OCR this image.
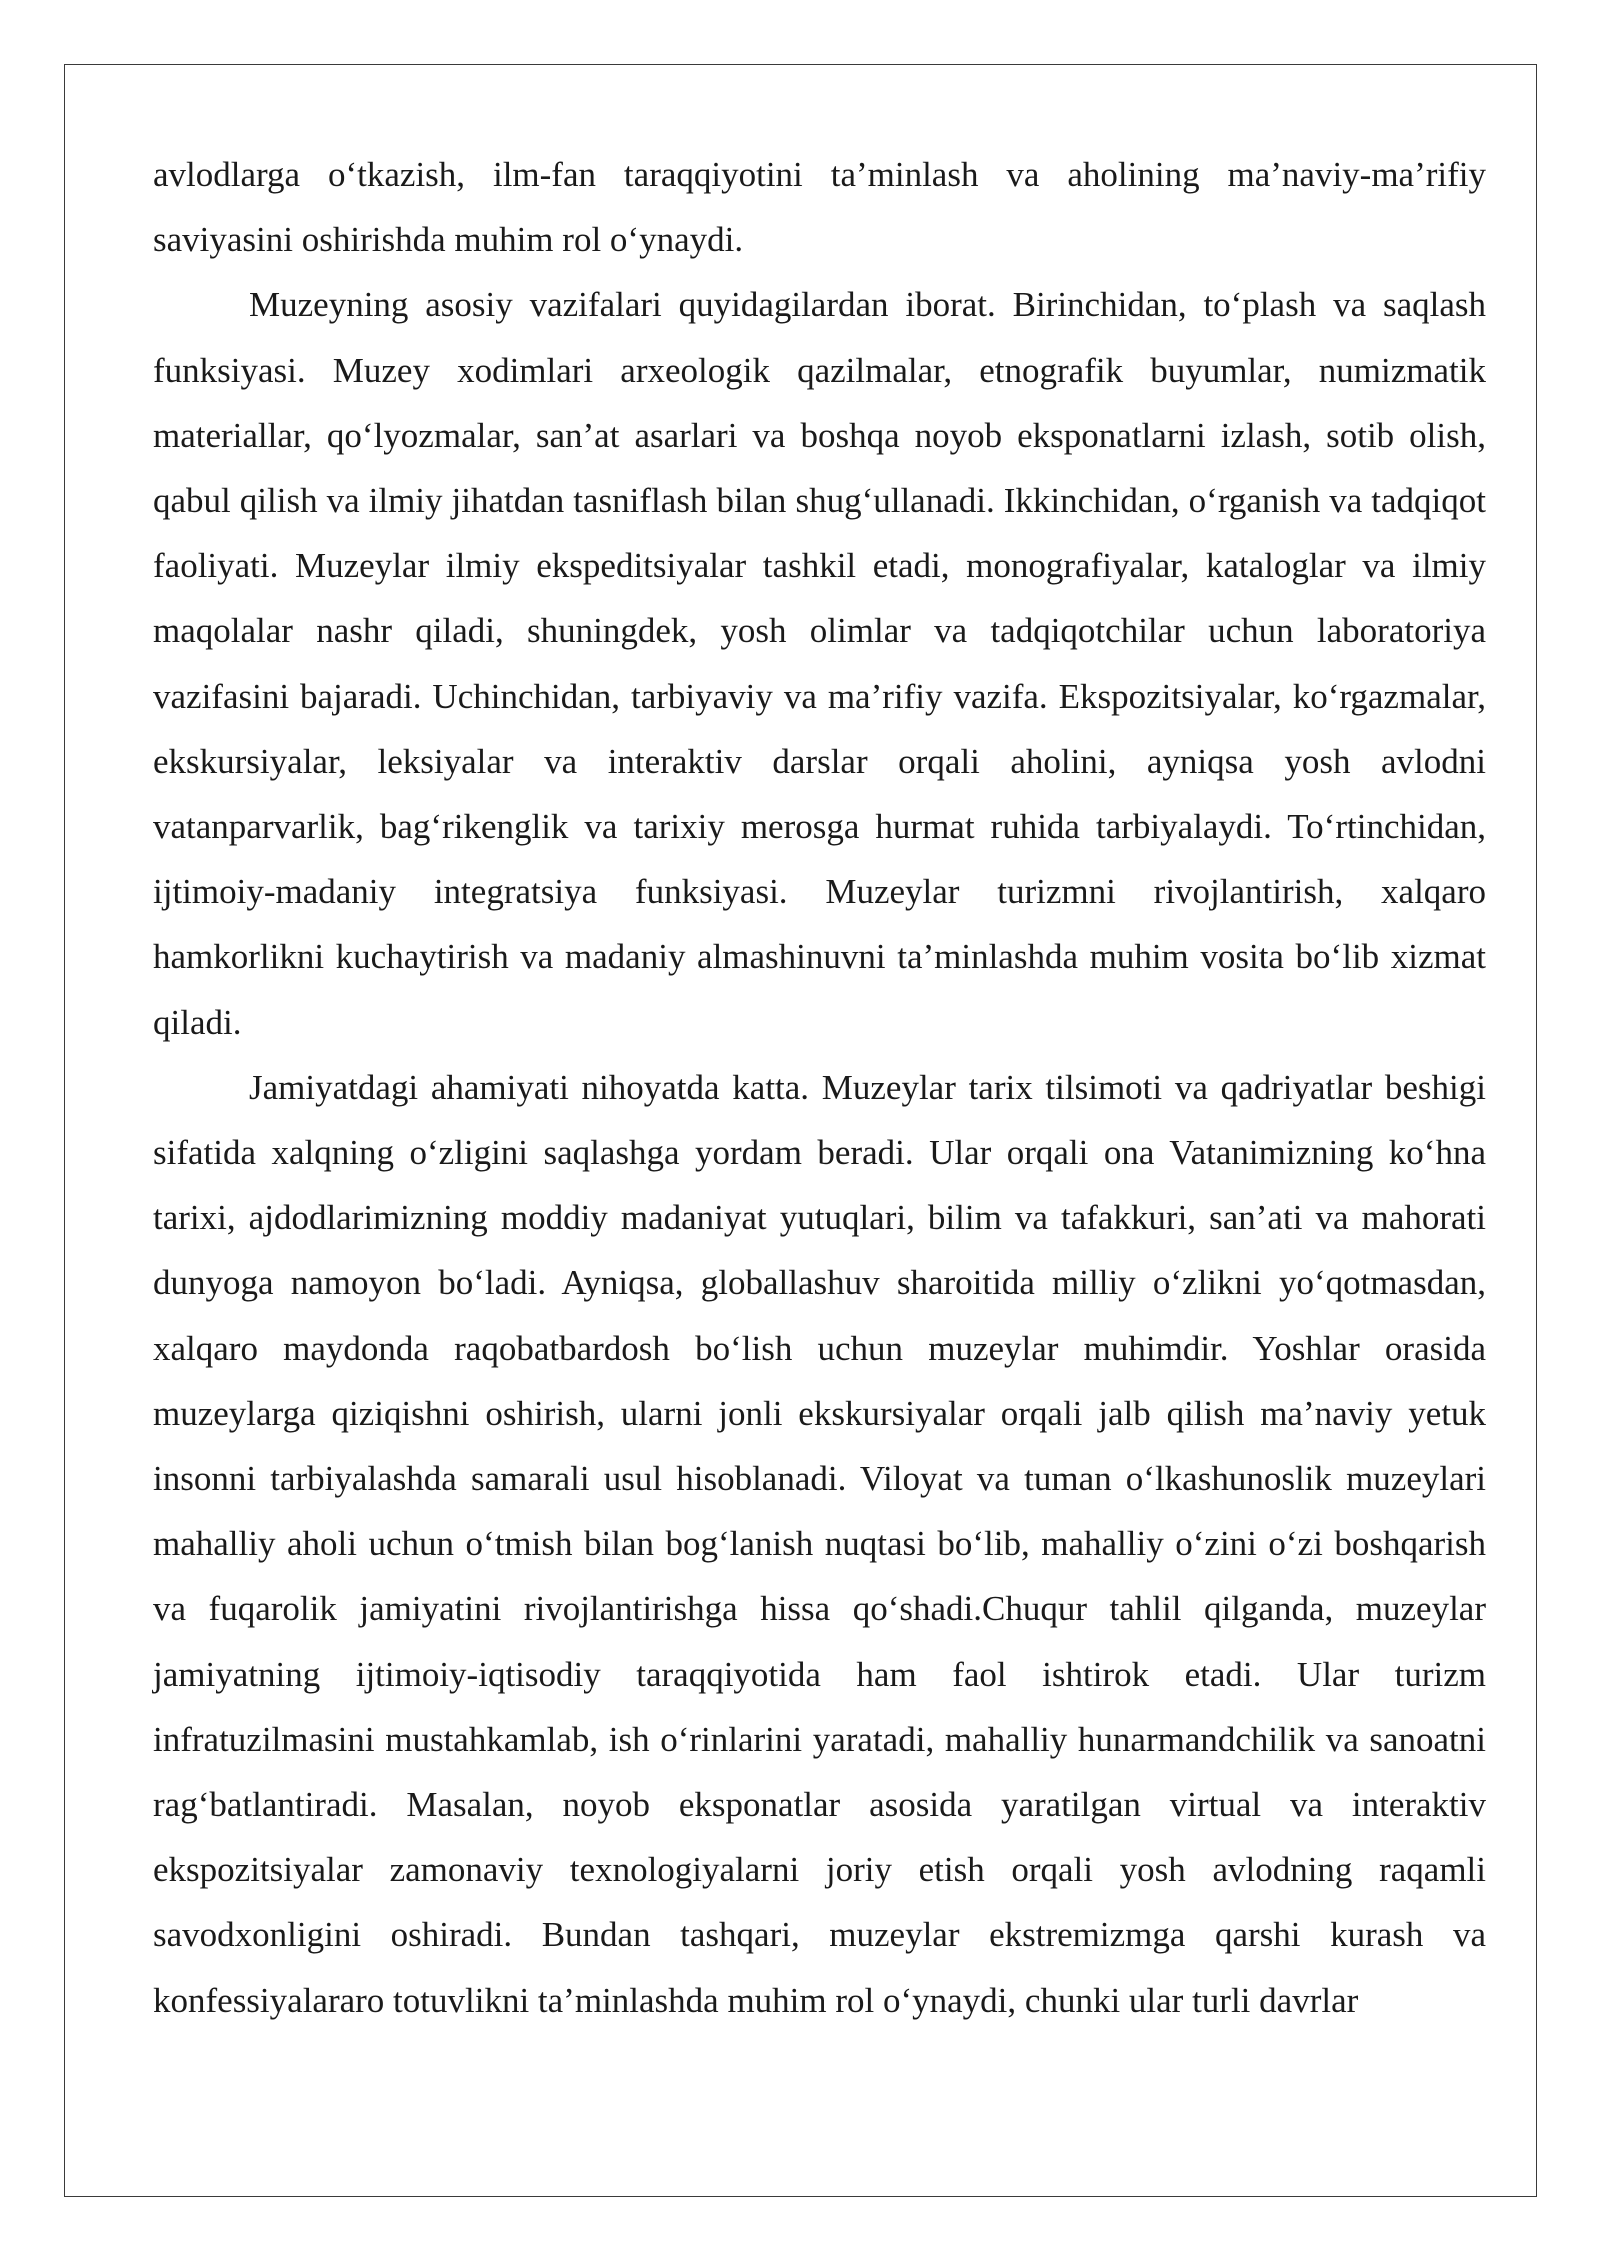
avlodlarga o‘tkazish, ilm-fan taraqqiyotini ta’minlash va aholining ma’naviy-ma’rifiy saviyasini oshirishda muhim rol o‘ynaydi.

Muzeyning asosiy vazifalari quyidagilardan iborat. Birinchidan, to‘plash va saqlash funksiyasi. Muzey xodimlari arxeologik qazilmalar, etnografik buyumlar, numizmatik materiallar, qo‘lyozmalar, san’at asarlari va boshqa noyob eksponatlarni izlash, sotib olish, qabul qilish va ilmiy jihatdan tasniflash bilan shug‘ullanadi. Ikkinchidan, o‘rganish va tadqiqot faoliyati. Muzeylar ilmiy ekspeditsiyalar tashkil etadi, monografiyalar, kataloglar va ilmiy maqolalar nashr qiladi, shuningdek, yosh olimlar va tadqiqotchilar uchun laboratoriya vazifasini bajaradi. Uchinchidan, tarbiyaviy va ma’rifiy vazifa. Ekspozitsiyalar, ko‘rgazmalar, ekskursiyalar, leksiyalar va interaktiv darslar orqali aholini, ayniqsa yosh avlodni vatanparvarlik, bag‘rikenglik va tarixiy merosga hurmat ruhida tarbiyalaydi. To‘rtinchidan, ijtimoiy-madaniy integratsiya funksiyasi. Muzeylar turizmni rivojlantirish, xalqaro hamkorlikni kuchaytirish va madaniy almashinuvni ta’minlashda muhim vosita bo‘lib xizmat qiladi.

Jamiyatdagi ahamiyati nihoyatda katta. Muzeylar tarix tilsimoti va qadriyatlar beshigi sifatida xalqning o‘zligini saqlashga yordam beradi. Ular orqali ona Vatanimizning ko‘hna tarixi, ajdodlarimizning moddiy madaniyat yutuqlari, bilim va tafakkuri, san’ati va mahorati dunyoga namoyon bo‘ladi. Ayniqsa, globallashuv sharoitida milliy o‘zlikni yo‘qotmasdan, xalqaro maydonda raqobatbardosh bo‘lish uchun muzeylar muhimdir. Yoshlar orasida muzeylarga qiziqishni oshirish, ularni jonli ekskursiyalar orqali jalb qilish ma’naviy yetuk insonni tarbiyalashda samarali usul hisoblanadi. Viloyat va tuman o‘lkashunoslik muzeylari mahalliy aholi uchun o‘tmish bilan bog‘lanish nuqtasi bo‘lib, mahalliy o‘zini o‘zi boshqarish va fuqarolik jamiyatini rivojlantirishga hissa qo‘shadi.Chuqur tahlil qilganda, muzeylar jamiyatning ijtimoiy-iqtisodiy taraqqiyotida ham faol ishtirok etadi. Ular turizm infratuzilmasini mustahkamlab, ish o‘rinlarini yaratadi, mahalliy hunarmandchilik va sanoatni rag‘batlantiradi. Masalan, noyob eksponatlar asosida yaratilgan virtual va interaktiv ekspozitsiyalar zamonaviy texnologiyalarni joriy etish orqali yosh avlodning raqamli savodxonligini oshiradi. Bundan tashqari, muzeylar ekstremizmga qarshi kurash va konfessiyalararo totuvlikni ta’minlashda muhim rol o‘ynaydi, chunki ular turli davrlar
